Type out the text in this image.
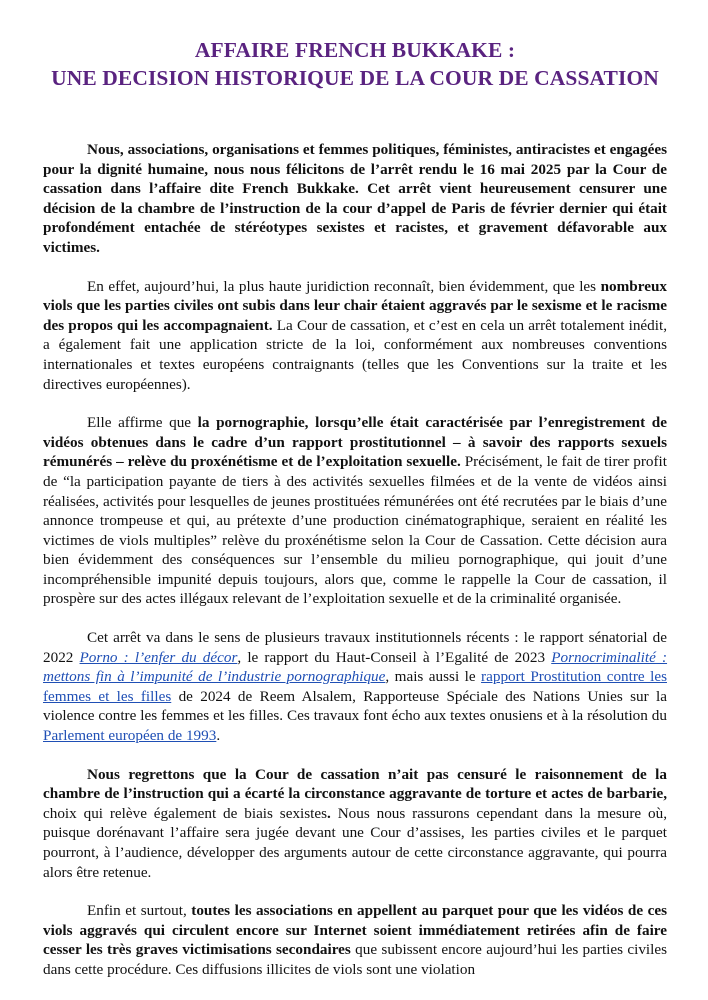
AFFAIRE FRENCH BUKKAKE :
UNE DECISION HISTORIQUE DE LA COUR DE CASSATION

Nous, associations, organisations et femmes politiques, féministes, antiracistes et engagées pour la dignité humaine, nous nous félicitons de l’arrêt rendu le 16 mai 2025 par la Cour de cassation dans l’affaire dite French Bukkake. Cet arrêt vient heureusement censurer une décision de la chambre de l’instruction de la cour d’appel de Paris de février dernier qui était profondément entachée de stéréotypes sexistes et racistes, et gravement défavorable aux victimes.

En effet, aujourd’hui, la plus haute juridiction reconnaît, bien évidemment, que les nombreux viols que les parties civiles ont subis dans leur chair étaient aggravés par le sexisme et le racisme des propos qui les accompagnaient. La Cour de cassation, et c’est en cela un arrêt totalement inédit, a également fait une application stricte de la loi, conformément aux nombreuses conventions internationales et textes européens contraignants (telles que les Conventions sur la traite et les directives européennes).

Elle affirme que la pornographie, lorsqu’elle était caractérisée par l’enregistrement de vidéos obtenues dans le cadre d’un rapport prostitutionnel – à savoir des rapports sexuels rémunérés – relève du proxénétisme et de l’exploitation sexuelle. Précisément, le fait de tirer profit de “la participation payante de tiers à des activités sexuelles filmées et de la vente de vidéos ainsi réalisées, activités pour lesquelles de jeunes prostituées rémunérées ont été recrutées par le biais d’une annonce trompeuse et qui, au prétexte d’une production cinématographique, seraient en réalité les victimes de viols multiples” relève du proxénétisme selon la Cour de Cassation. Cette décision aura bien évidemment des conséquences sur l’ensemble du milieu pornographique, qui jouit d’une incompréhensible impunité depuis toujours, alors que, comme le rappelle la Cour de cassation, il prospère sur des actes illégaux relevant de l’exploitation sexuelle et de la criminalité organisée.

Cet arrêt va dans le sens de plusieurs travaux institutionnels récents : le rapport sénatorial de 2022 Porno : l’enfer du décor, le rapport du Haut-Conseil à l’Egalité de 2023 Pornocriminalité : mettons fin à l’impunité de l’industrie pornographique, mais aussi le rapport Prostitution contre les femmes et les filles de 2024 de Reem Alsalem, Rapporteuse Spéciale des Nations Unies sur la violence contre les femmes et les filles. Ces travaux font écho aux textes onusiens et à la résolution du Parlement européen de 1993.

Nous regrettons que la Cour de cassation n’ait pas censuré le raisonnement de la chambre de l’instruction qui a écarté la circonstance aggravante de torture et actes de barbarie, choix qui relève également de biais sexistes. Nous nous rassurons cependant dans la mesure où, puisque dorénavant l’affaire sera jugée devant une Cour d’assises, les parties civiles et le parquet pourront, à l’audience, développer des arguments autour de cette circonstance aggravante, qui pourra alors être retenue.

Enfin et surtout, toutes les associations en appellent au parquet pour que les vidéos de ces viols aggravés qui circulent encore sur Internet soient immédiatement retirées afin de faire cesser les très graves victimisations secondaires que subissent encore aujourd’hui les parties civiles dans cette procédure. Ces diffusions illicites de viols sont une violation
